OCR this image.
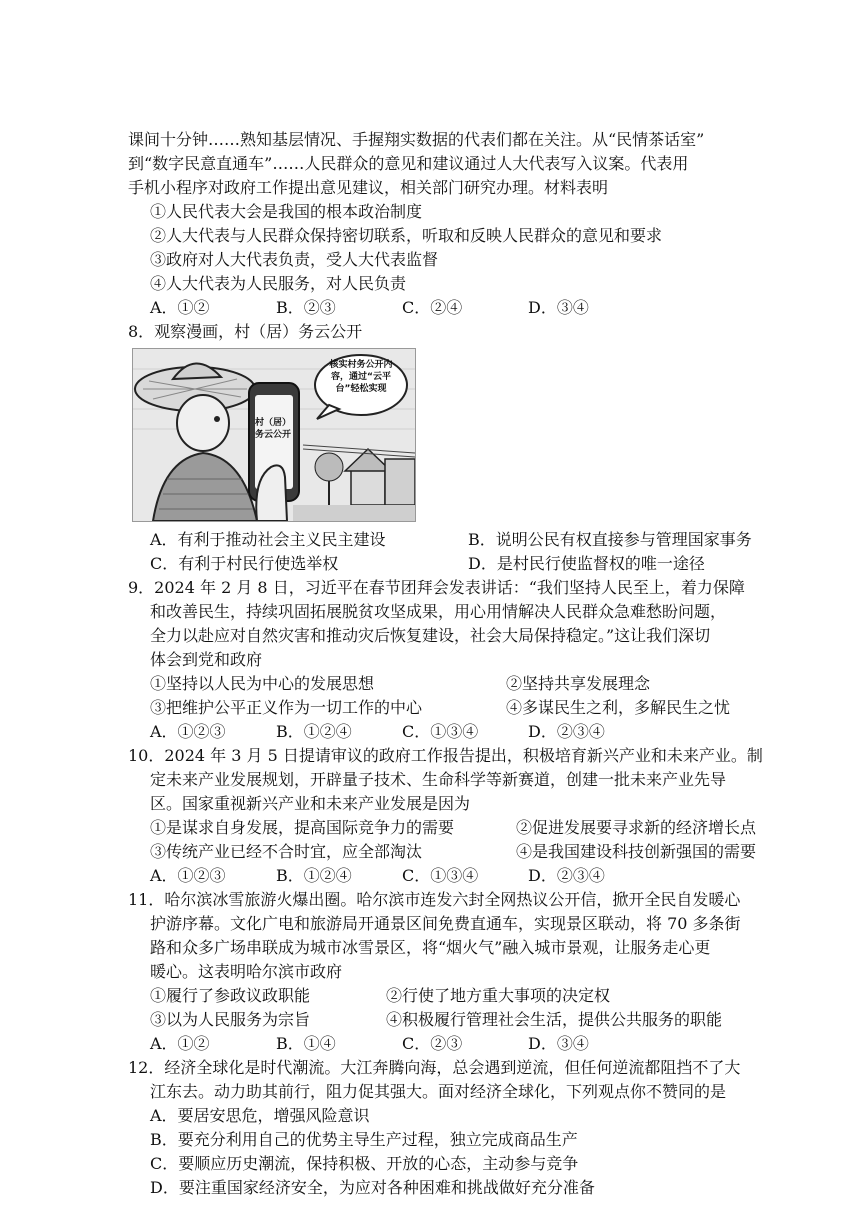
课间十分钟……熟知基层情况、手握翔实数据的代表们都在关注。从“民情茶话室”
到“数字民意直通车”……人民群众的意见和建议通过人大代表写入议案。代表用
手机小程序对政府工作提出意见建议，相关部门研究办理。材料表明
①人民代表大会是我国的根本政治制度
②人大代表与人民群众保持密切联系，听取和反映人民群众的意见和要求
③政府对人大代表负责，受人大代表监督
④人大代表为人民服务，对人民负责
A．①②	B．②③	C．②④	D．③④
8．观察漫画，村（居）务云公开
核实村务公开内容，通过“云平台”轻松实现
村（居）务云公开
A．有利于推动社会主义民主建设	B．说明公民有权直接参与管理国家事务
C．有利于村民行使选举权	D．是村民行使监督权的唯一途径
9．2024 年 2 月 8 日，习近平在春节团拜会发表讲话：“我们坚持人民至上，着力保障
和改善民生，持续巩固拓展脱贫攻坚成果，用心用情解决人民群众急难愁盼问题，
全力以赴应对自然灾害和推动灾后恢复建设，社会大局保持稳定。”这让我们深切
体会到党和政府
①坚持以人民为中心的发展思想	②坚持共享发展理念
③把维护公平正义作为一切工作的中心	④多谋民生之利，多解民生之忧
A．①②③	B．①②④	C．①③④	D．②③④
10．2024 年 3 月 5 日提请审议的政府工作报告提出，积极培育新兴产业和未来产业。制
定未来产业发展规划，开辟量子技术、生命科学等新赛道，创建一批未来产业先导
区。国家重视新兴产业和未来产业发展是因为
①是谋求自身发展，提高国际竞争力的需要	②促进发展要寻求新的经济增长点
③传统产业已经不合时宜，应全部淘汰	④是我国建设科技创新强国的需要
A．①②③	B．①②④	C．①③④	D．②③④
11．哈尔滨冰雪旅游火爆出圈。哈尔滨市连发六封全网热议公开信，掀开全民自发暖心
护游序幕。文化广电和旅游局开通景区间免费直通车，实现景区联动，将 70 多条街
路和众多广场串联成为城市冰雪景区，将“烟火气”融入城市景观，让服务走心更
暖心。这表明哈尔滨市政府
①履行了参政议政职能	②行使了地方重大事项的决定权
③以为人民服务为宗旨	④积极履行管理社会生活，提供公共服务的职能
A．①②	B．①④	C．②③	D．③④
12．经济全球化是时代潮流。大江奔腾向海，总会遇到逆流，但任何逆流都阻挡不了大
江东去。动力助其前行，阻力促其强大。面对经济全球化，下列观点你不赞同的是
A．要居安思危，增强风险意识
B．要充分利用自己的优势主导生产过程，独立完成商品生产
C．要顺应历史潮流，保持积极、开放的心态，主动参与竞争
D．要注重国家经济安全，为应对各种困难和挑战做好充分准备
